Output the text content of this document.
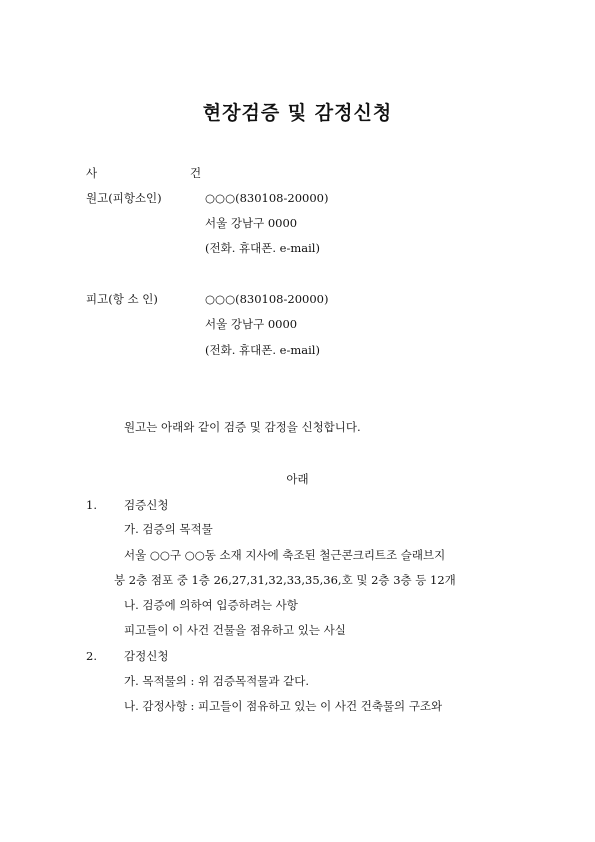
현장검증 및 감정신청
사	건
원고(피항소인)	○○○(830108-20000)
서울 강남구 0000
(전화. 휴대폰. e-mail)
피고(항 소 인)	○○○(830108-20000)
서울 강남구 0000
(전화. 휴대폰. e-mail)
원고는 아래와 같이 검증 및 감정을 신청합니다.
아래
1. 검증신청
가. 검증의 목적물
서울 ○○구 ○○동 소재 지사에 축조된 철근콘크리트조 슬래브지
붕 2층 점포 중 1층 26,27,31,32,33,35,36,호 및 2층 3층 등 12개
나. 검증에 의하여 입증하려는 사항
피고들이 이 사건 건물을 점유하고 있는 사실
2. 감정신청
가. 목적물의 : 위 검증목적물과 같다.
나. 감정사항 : 피고들이 점유하고 있는 이 사건 건축물의 구조와
